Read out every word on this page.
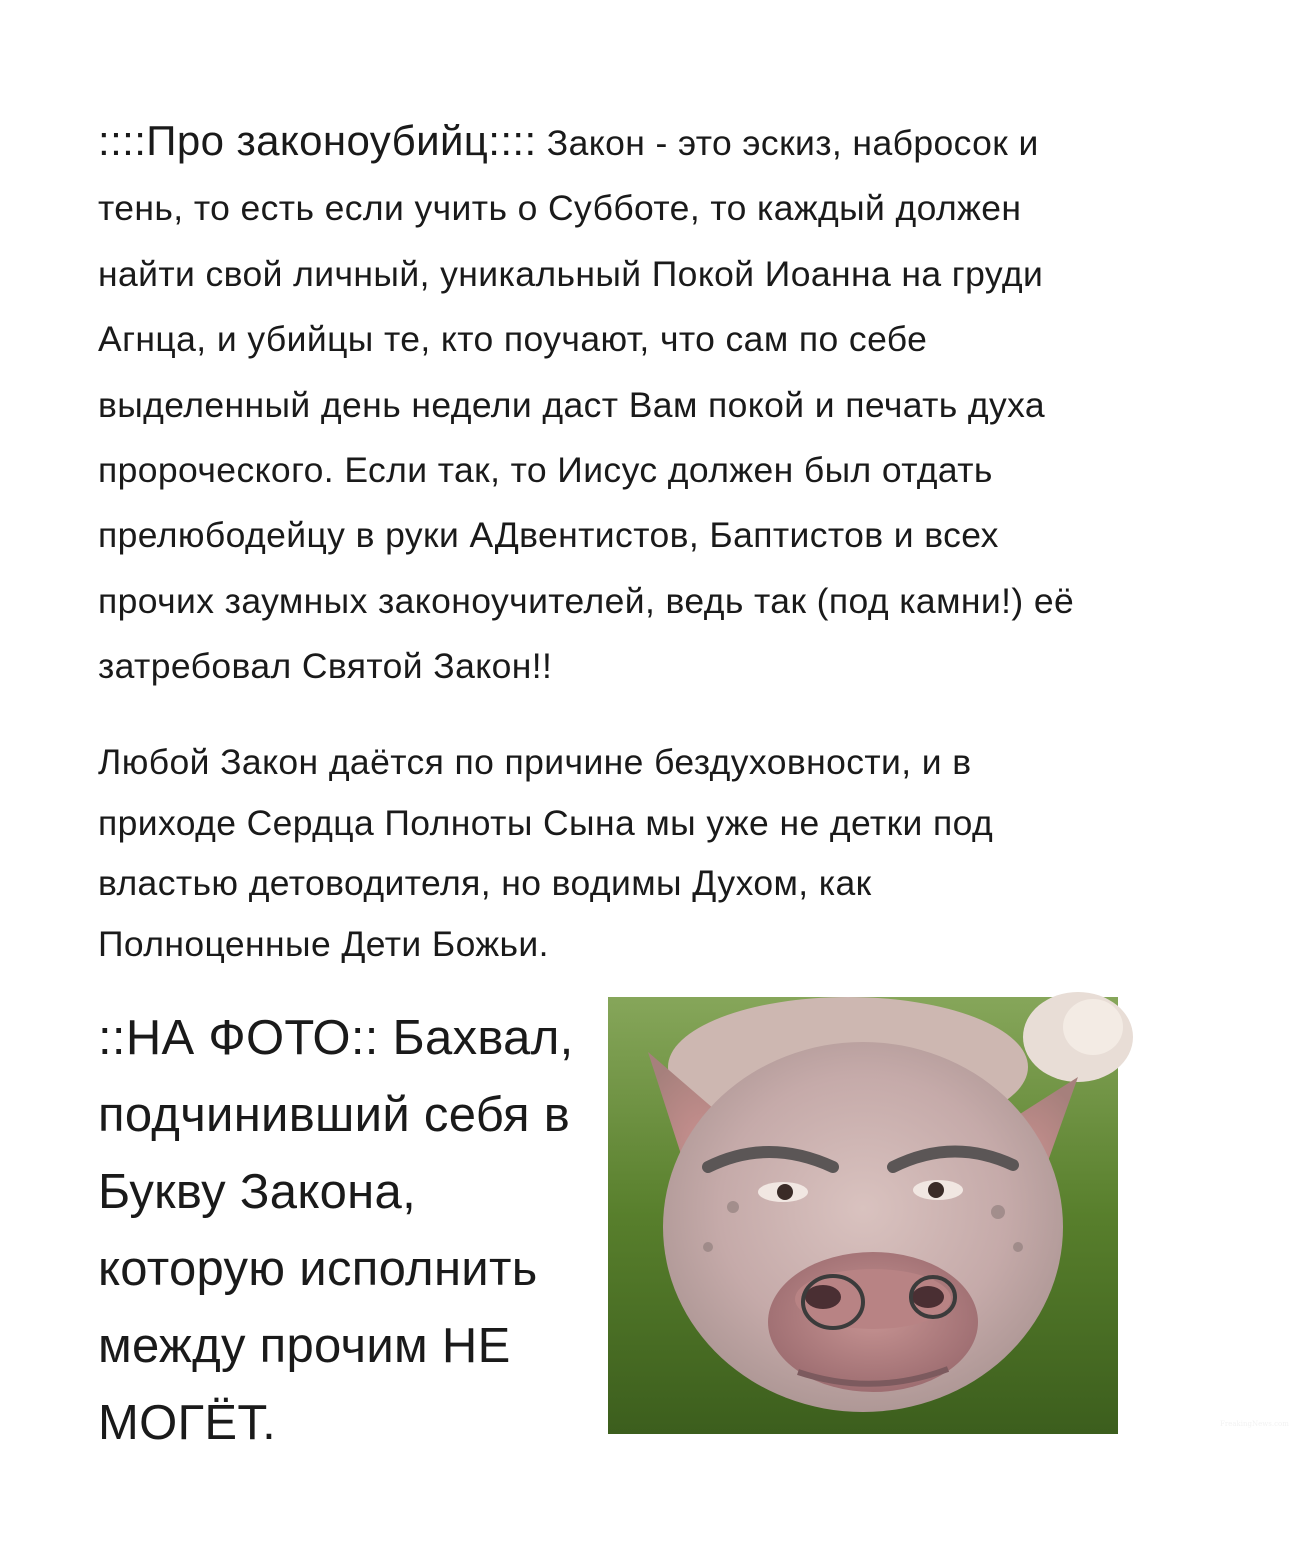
::::Про законоубийц:::: Закон - это эскиз, набросок и тень, то есть если учить о Субботе, то каждый должен найти свой личный, уникальный Покой Иоанна на груди Агнца, и убийцы те, кто поучают, что сам по себе выделенный день недели даст Вам покой и печать духа пророческого. Если так, то Иисус должен был отдать прелюбодейцу в руки АДвентистов, Баптистов и всех прочих заумных законоучителей, ведь так (под камни!) её затребовал Святой Закон!!

Любой Закон даётся по причине бездуховности, и в приходе Сердца Полноты Сына мы уже не детки под властью детоводителя, но водимы Духом, как Полноценные Дети Божьи.

::НА ФОТО:: Бахвал, подчинивший себя в Букву Закона, которую исполнить между прочим НЕ МОГЁТ.	FreakingNews.com
